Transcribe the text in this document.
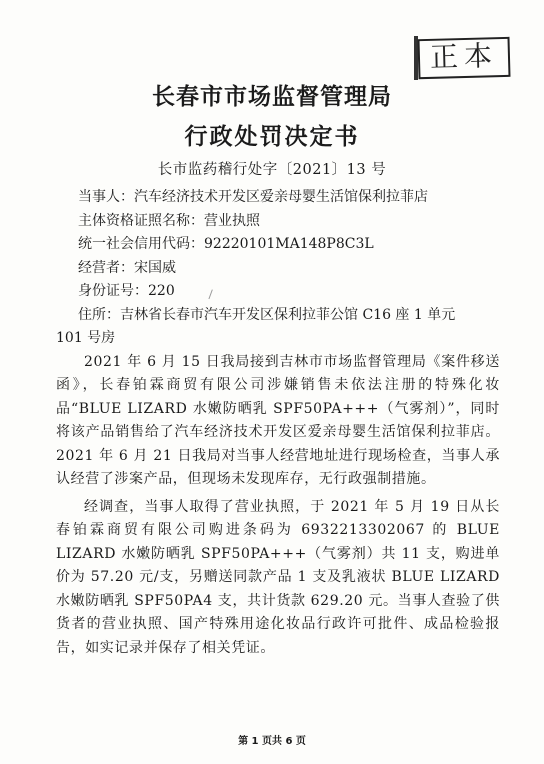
正本
长春市市场监督管理局
行政处罚决定书
长市监药稽行处字〔2021〕13 号
当事人：汽车经济技术开发区爱亲母婴生活馆保利拉菲店
主体资格证照名称：营业执照
统一社会信用代码：92220101MA148P8C3L
经营者：宋国威
身份证号：220
住所：吉林省长春市汽车开发区保利拉菲公馆 C16 座 1 单元
101 号房
2021 年 6 月 15 日我局接到吉林市市场监督管理局《案件移送函》，长春铂霖商贸有限公司涉嫌销售未依法注册的特殊化妆品“BLUE LIZARD 水嫩防晒乳 SPF50PA+++（气雾剂）”，同时将该产品销售给了汽车经济技术开发区爱亲母婴生活馆保利拉菲店。2021 年 6 月 21 日我局对当事人经营地址进行现场检查，当事人承认经营了涉案产品，但现场未发现库存，无行政强制措施。
经调查，当事人取得了营业执照，于 2021 年 5 月 19 日从长春铂霖商贸有限公司购进条码为 6932213302067 的 BLUE LIZARD 水嫩防晒乳 SPF50PA+++（气雾剂）共 11 支，购进单价为 57.20 元/支，另赠送同款产品 1 支及乳液状 BLUE LIZARD 水嫩防晒乳 SPF50PA4 支，共计货款 629.20 元。当事人查验了供货者的营业执照、国产特殊用途化妆品行政许可批件、成品检验报告，如实记录并保存了相关凭证。
第 1 页共 6 页
